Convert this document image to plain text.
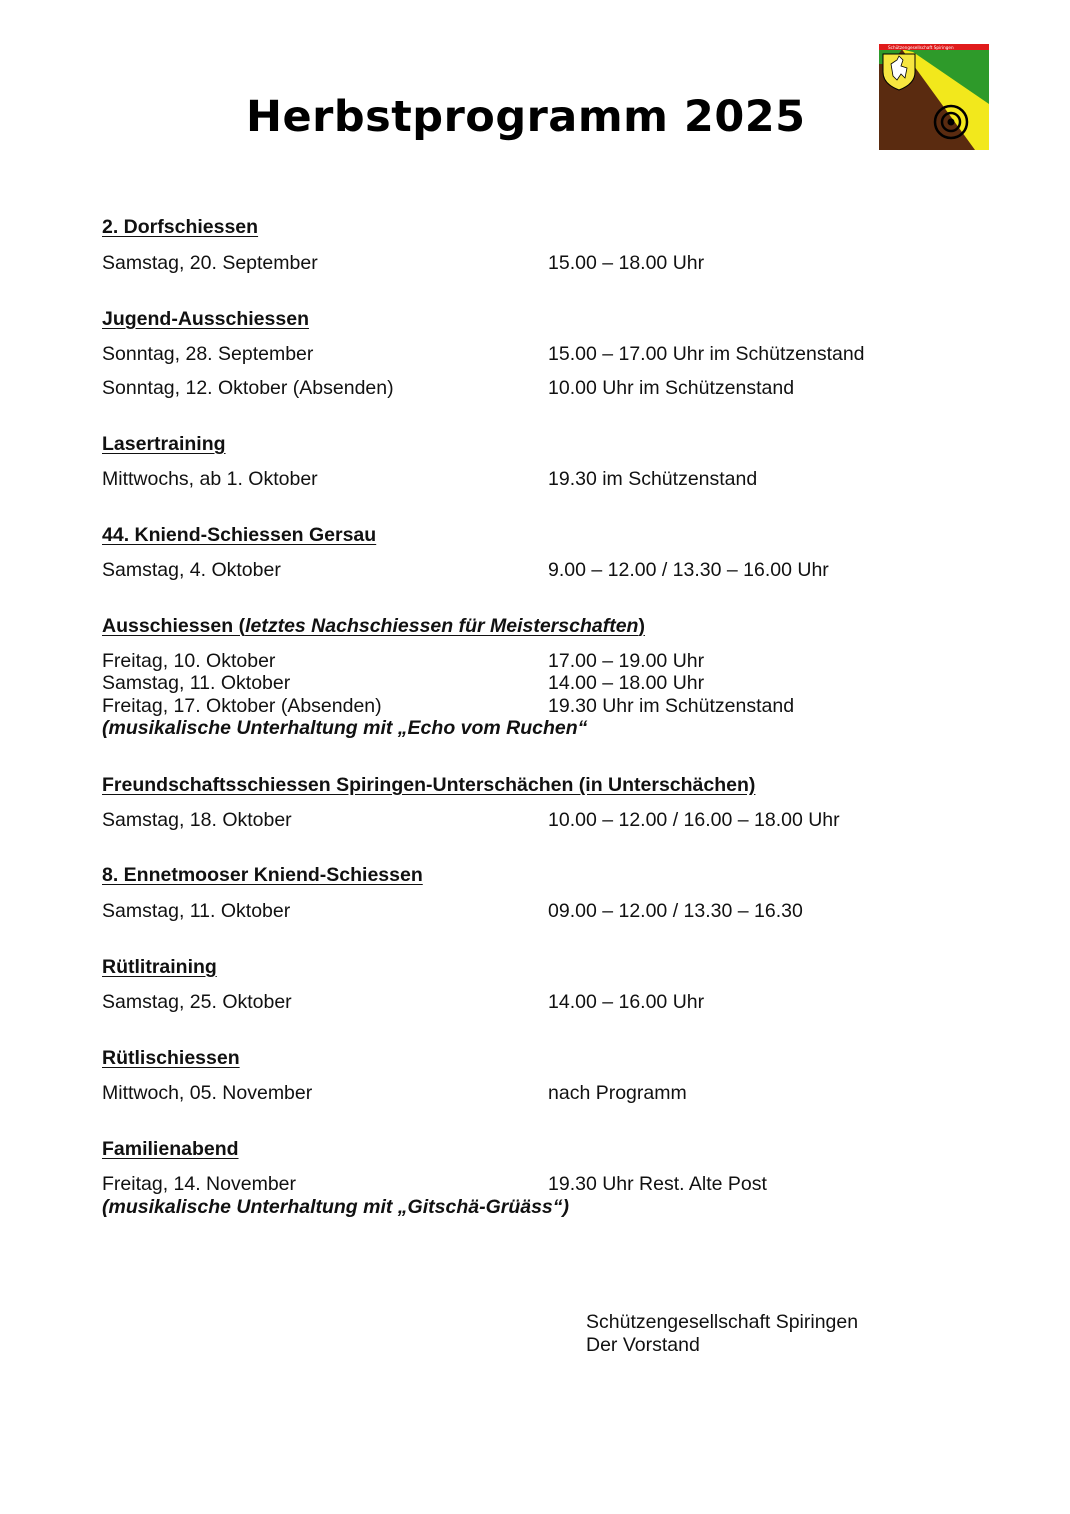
Herbstprogramm 2025
Schützengesellschaft Spiringen
2. Dorfschiessen
Samstag, 20. September	15.00 – 18.00 Uhr
Jugend-Ausschiessen
Sonntag, 28. September	15.00 – 17.00 Uhr im Schützenstand
Sonntag, 12. Oktober (Absenden)	10.00 Uhr im Schützenstand
Lasertraining
Mittwochs, ab 1. Oktober	19.30 im Schützenstand
44. Kniend-Schiessen Gersau
Samstag, 4. Oktober	9.00 – 12.00 / 13.30 – 16.00 Uhr
Ausschiessen (letztes Nachschiessen für Meisterschaften)
Freitag, 10. Oktober	17.00 – 19.00 Uhr
Samstag, 11. Oktober	14.00 – 18.00 Uhr
Freitag, 17. Oktober (Absenden)	19.30 Uhr im Schützenstand
(musikalische Unterhaltung mit „Echo vom Ruchen“
Freundschaftsschiessen Spiringen-Unterschächen (in Unterschächen)
Samstag, 18. Oktober	10.00 – 12.00 / 16.00 – 18.00 Uhr
8. Ennetmooser Kniend-Schiessen
Samstag, 11. Oktober	09.00 – 12.00 / 13.30 – 16.30
Rütlitraining
Samstag, 25. Oktober	14.00 – 16.00 Uhr
Rütlischiessen
Mittwoch, 05. November	nach Programm
Familienabend
Freitag, 14. November	19.30 Uhr Rest. Alte Post
(musikalische Unterhaltung mit „Gitschä-Grüäss“)
Schützengesellschaft Spiringen
Der Vorstand
